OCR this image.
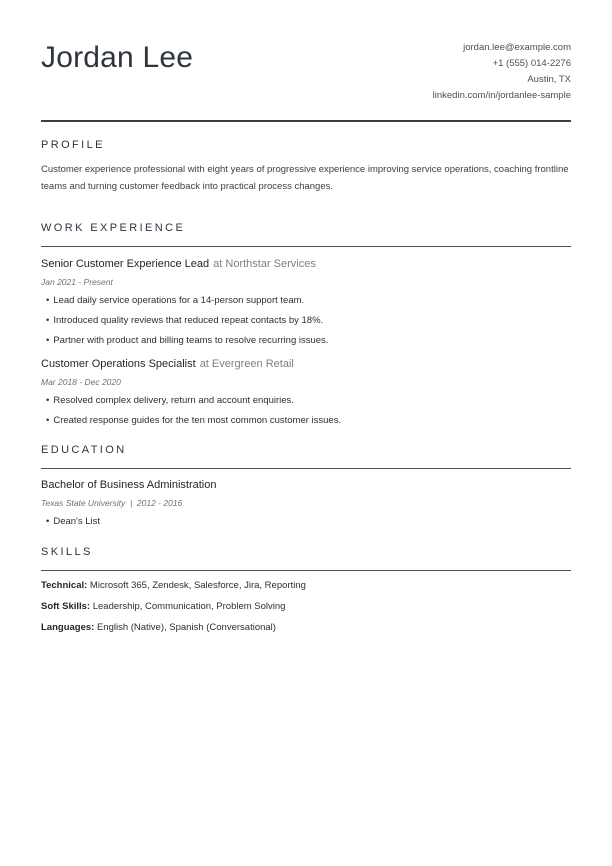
Jordan Lee	jordan.lee@example.com
+1 (555) 014-2276
Austin, TX
linkedin.com/in/jordanlee-sample
PROFILE
Customer experience professional with eight years of progressive experience improving service operations, coaching frontline teams and turning customer feedback into practical process changes.
WORK EXPERIENCE
Senior Customer Experience Lead at Northstar Services
Jan 2021 - Present
• Lead daily service operations for a 14-person support team.
• Introduced quality reviews that reduced repeat contacts by 18%.
• Partner with product and billing teams to resolve recurring issues.
Customer Operations Specialist at Evergreen Retail
Mar 2018 - Dec 2020
• Resolved complex delivery, return and account enquiries.
• Created response guides for the ten most common customer issues.
EDUCATION
Bachelor of Business Administration
Texas State University  |  2012 - 2016
• Dean's List
SKILLS
Technical: Microsoft 365, Zendesk, Salesforce, Jira, Reporting
Soft Skills: Leadership, Communication, Problem Solving
Languages: English (Native), Spanish (Conversational)
